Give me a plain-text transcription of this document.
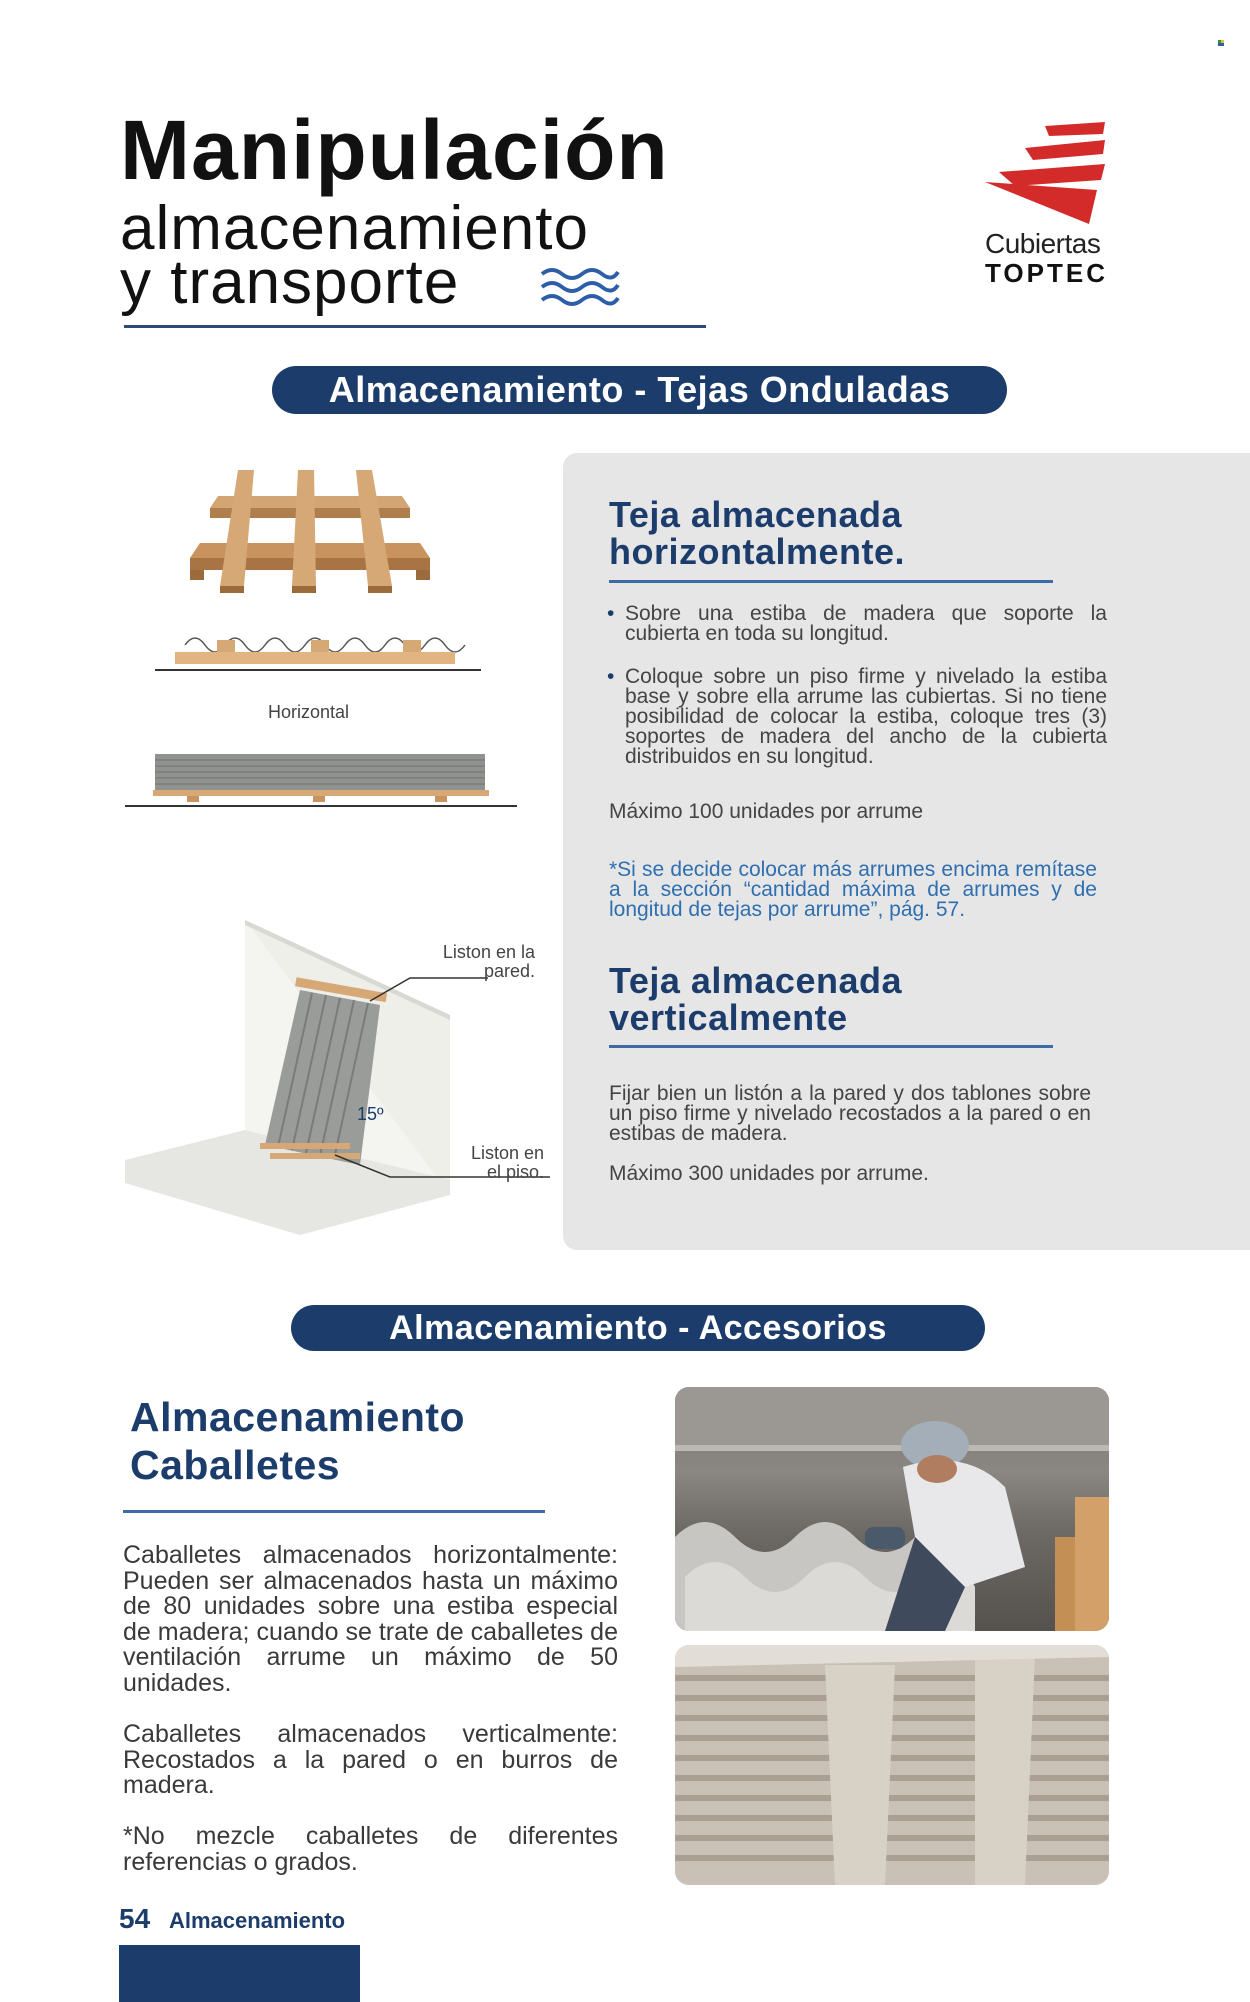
Manipulación
almacenamiento
y transporte
Cubiertas
TOPTEC
Almacenamiento - Tejas Onduladas
Horizontal
15º
Liston en la pared.
Liston en el piso.
Teja almacenada horizontalmente.
• Sobre una estiba de madera que soporte la cubierta en toda su longitud.
• Coloque sobre un piso firme y nivelado la estiba base y sobre ella arrume las cubiertas. Si no tiene posibilidad de colocar la estiba, coloque tres (3) soportes de madera del ancho de la cubierta distribuidos en su longitud.
Máximo 100 unidades por arrume
*Si se decide colocar más arrumes encima remítase a la sección “cantidad máxima de arrumes y de longitud de tejas por arrume”, pág. 57.
Teja almacenada verticalmente
Fijar bien un listón a la pared y dos tablones sobre un piso firme y nivelado recostados a la pared o en estibas de madera.
Máximo 300 unidades por arrume.
Almacenamiento - Accesorios
Almacenamiento Caballetes
Caballetes almacenados horizontalmente: Pueden ser almacenados hasta un máximo de 80 unidades sobre una estiba especial de madera; cuando se trate de caballetes de ventilación arrume un máximo de 50 unidades.
Caballetes almacenados verticalmente: Recostados a la pared o en burros de madera.
*No mezcle caballetes de diferentes referencias o grados.
54 Almacenamiento
